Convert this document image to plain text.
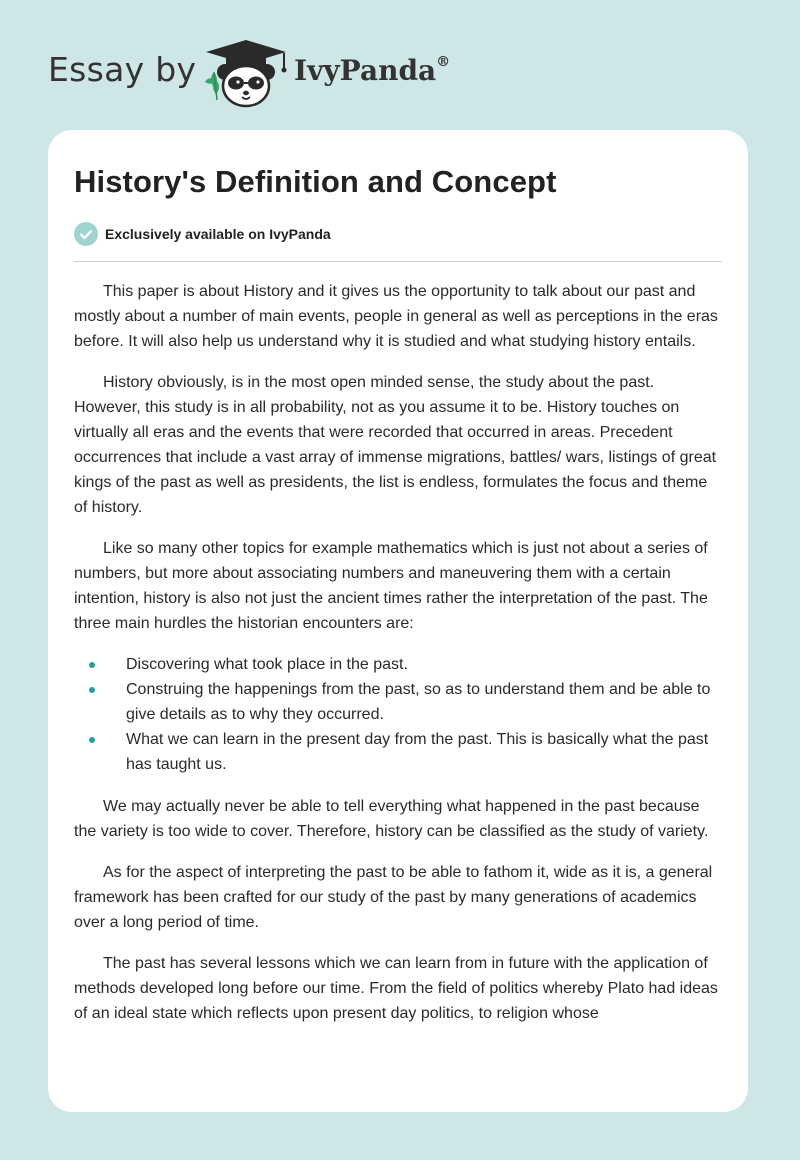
Essay by	IvyPanda®
History's Definition and Concept
Exclusively available on IvyPanda

This paper is about History and it gives us the opportunity to talk about our past and mostly about a number of main events, people in general as well as perceptions in the eras before. It will also help us understand why it is studied and what studying history entails.

History obviously, is in the most open minded sense, the study about the past. However, this study is in all probability, not as you assume it to be. History touches on virtually all eras and the events that were recorded that occurred in areas. Precedent occurrences that include a vast array of immense migrations, battles/ wars, listings of great kings of the past as well as presidents, the list is endless, formulates the focus and theme of history.

Like so many other topics for example mathematics which is just not about a series of numbers, but more about associating numbers and maneuvering them with a certain intention, history is also not just the ancient times rather the interpretation of the past. The three main hurdles the historian encounters are:

Discovering what took place in the past.
Construing the happenings from the past, so as to understand them and be able to give details as to why they occurred.
What we can learn in the present day from the past. This is basically what the past has taught us.

We may actually never be able to tell everything what happened in the past because the variety is too wide to cover. Therefore, history can be classified as the study of variety.

As for the aspect of interpreting the past to be able to fathom it, wide as it is, a general framework has been crafted for our study of the past by many generations of academics over a long period of time.

The past has several lessons which we can learn from in future with the application of methods developed long before our time. From the field of politics whereby Plato had ideas of an ideal state which reflects upon present day politics, to religion whose
